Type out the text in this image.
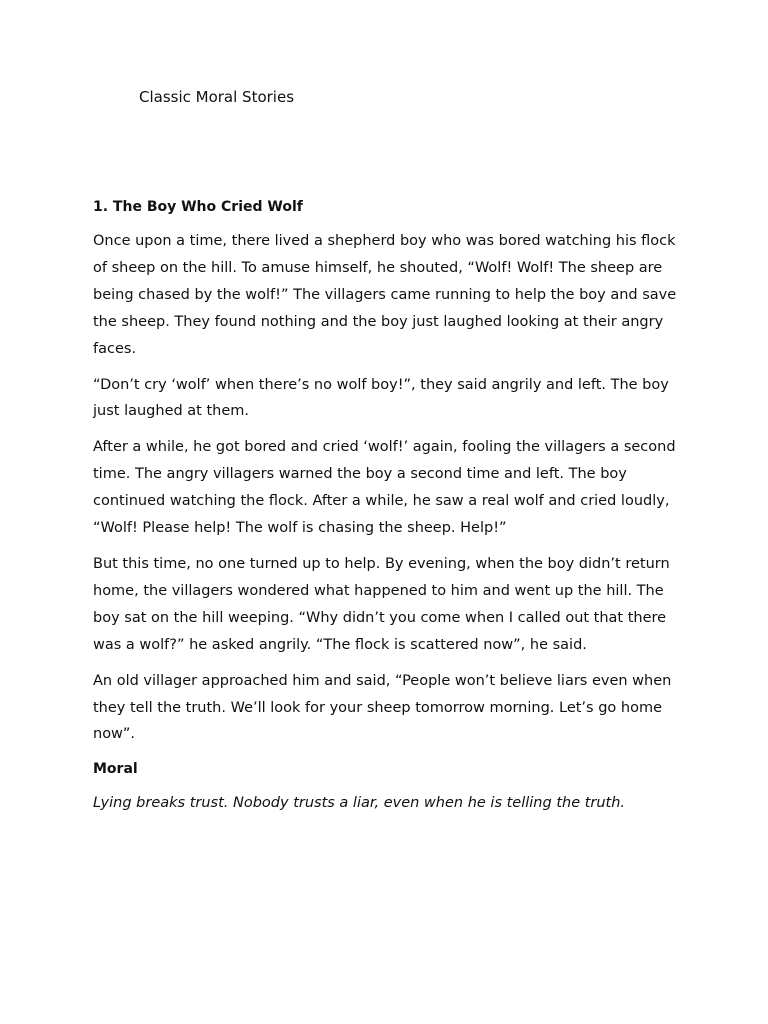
Classic Moral Stories

1. The Boy Who Cried Wolf

Once upon a time, there lived a shepherd boy who was bored watching his flock of sheep on the hill. To amuse himself, he shouted, “Wolf! Wolf! The sheep are being chased by the wolf!” The villagers came running to help the boy and save the sheep. They found nothing and the boy just laughed looking at their angry faces.

“Don’t cry ‘wolf’ when there’s no wolf boy!”, they said angrily and left. The boy just laughed at them.

After a while, he got bored and cried ‘wolf!’ again, fooling the villagers a second time. The angry villagers warned the boy a second time and left. The boy continued watching the flock. After a while, he saw a real wolf and cried loudly, “Wolf! Please help! The wolf is chasing the sheep. Help!”

But this time, no one turned up to help. By evening, when the boy didn’t return home, the villagers wondered what happened to him and went up the hill. The boy sat on the hill weeping. “Why didn’t you come when I called out that there was a wolf?” he asked angrily. “The flock is scattered now”, he said.

An old villager approached him and said, “People won’t believe liars even when they tell the truth. We’ll look for your sheep tomorrow morning. Let’s go home now”.

Moral

Lying breaks trust. Nobody trusts a liar, even when he is telling the truth.
